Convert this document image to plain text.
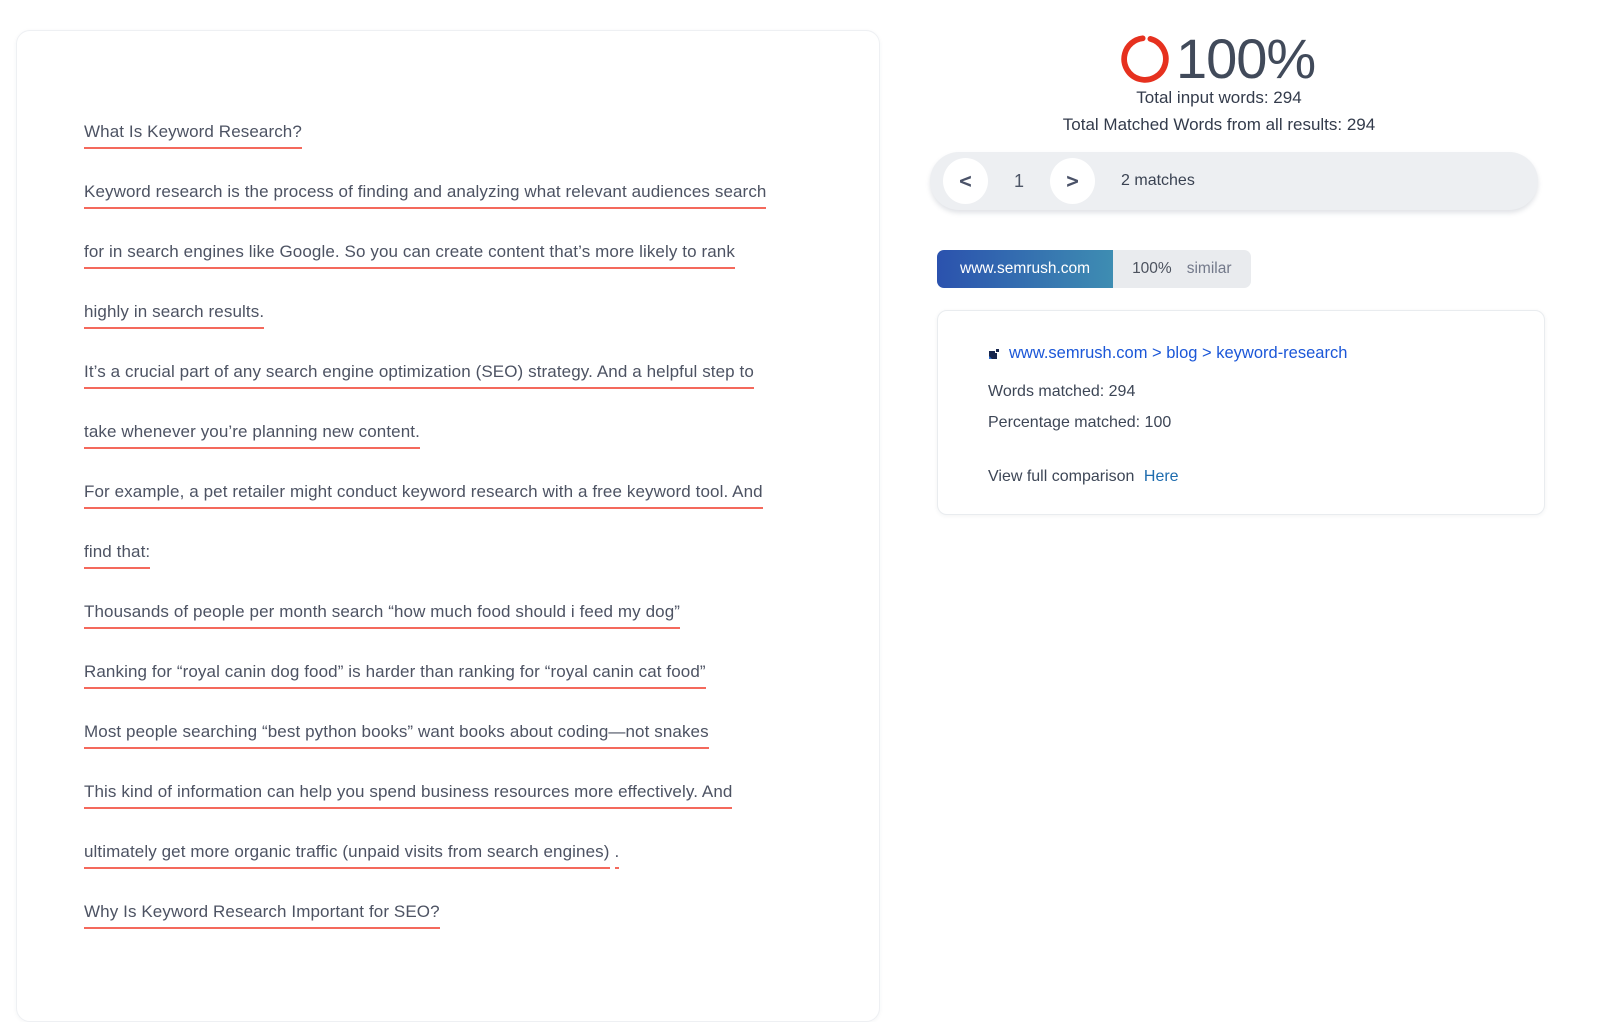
What Is Keyword Research?
Keyword research is the process of finding and analyzing what relevant audiences search
for in search engines like Google. So you can create content that’s more likely to rank
highly in search results.
It’s a crucial part of any search engine optimization (SEO) strategy. And a helpful step to
take whenever you’re planning new content.
For example, a pet retailer might conduct keyword research with a free keyword tool. And
find that:
Thousands of people per month search “how much food should i feed my dog”
Ranking for “royal canin dog food” is harder than ranking for “royal canin cat food”
Most people searching “best python books” want books about coding—not snakes
This kind of information can help you spend business resources more effectively. And
ultimately get more organic traffic (unpaid visits from search engines) .
Why Is Keyword Research Important for SEO?
100%
Total input words: 294
Total Matched Words from all results: 294
<	1	>	2 matches
www.semrush.com	100% similar
www.semrush.com > blog > keyword-research
Words matched: 294
Percentage matched: 100
View full comparison Here
